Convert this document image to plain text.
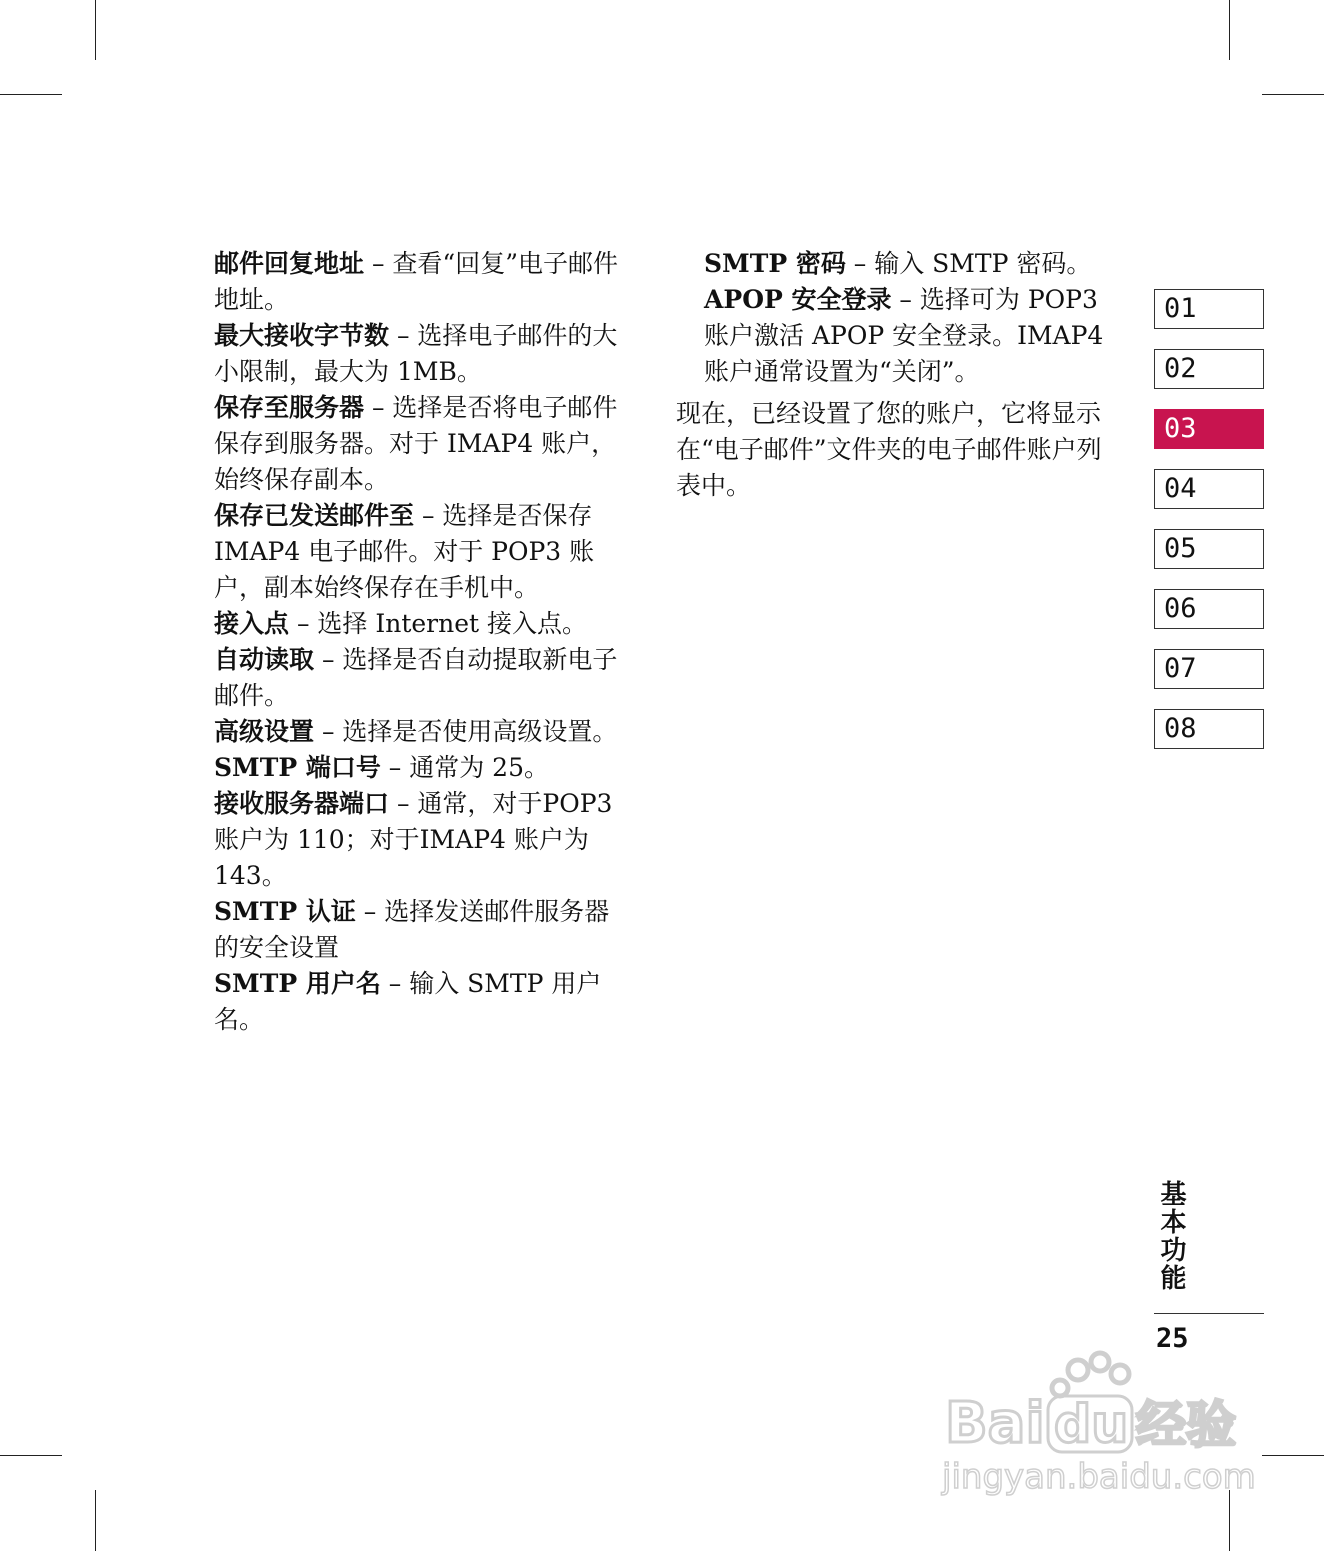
邮件回复地址 – 查看“回复”电子邮件地址。

最大接收字节数 – 选择电子邮件的大小限制，最大为 1MB。

保存至服务器 – 选择是否将电子邮件保存到服务器。对于 IMAP4 账户，始终保存副本。

保存已发送邮件至 – 选择是否保存 IMAP4 电子邮件。对于 POP3 账户，副本始终保存在手机中。

接入点 – 选择 Internet 接入点。

自动读取 – 选择是否自动提取新电子邮件。

高级设置 – 选择是否使用高级设置。

SMTP 端口号 – 通常为 25。

接收服务器端口 – 通常，对于POP3 账户为 110；对于IMAP4 账户为 143。

SMTP 认证 – 选择发送邮件服务器的安全设置

SMTP 用户名 – 输入 SMTP 用户名。

SMTP 密码 – 输入 SMTP 密码。

APOP 安全登录 – 选择可为 POP3 账户激活 APOP 安全登录。IMAP4 账户通常设置为“关闭”。

现在，已经设置了您的账户，它将显示在“电子邮件”文件夹的电子邮件账户列表中。

01
02
03
04
05
06
07
08
基本功能
25
Bai du 经验
jingyan.baidu.com
